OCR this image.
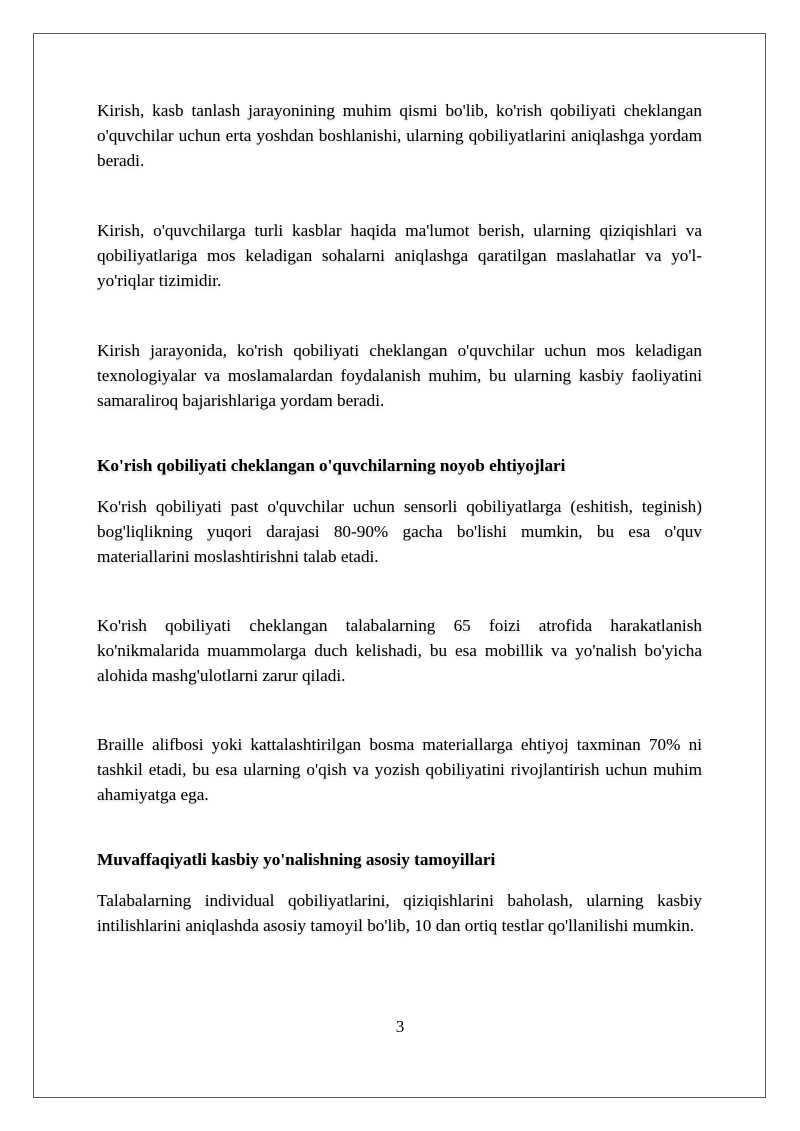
Kirish, kasb tanlash jarayonining muhim qismi bo'lib, ko'rish qobiliyati cheklangan o'quvchilar uchun erta yoshdan boshlanishi, ularning qobiliyatlarini aniqlashga yordam beradi.

Kirish, o'quvchilarga turli kasblar haqida ma'lumot berish, ularning qiziqishlari va qobiliyatlariga mos keladigan sohalarni aniqlashga qaratilgan maslahatlar va yo'l-yo'riqlar tizimidir.

Kirish jarayonida, ko'rish qobiliyati cheklangan o'quvchilar uchun mos keladigan texnologiyalar va moslamalardan foydalanish muhim, bu ularning kasbiy faoliyatini samaraliroq bajarishlariga yordam beradi.

Ko'rish qobiliyati cheklangan o'quvchilarning noyob ehtiyojlari

Ko'rish qobiliyati past o'quvchilar uchun sensorli qobiliyatlarga (eshitish, teginish) bog'liqlikning yuqori darajasi 80-90% gacha bo'lishi mumkin, bu esa o'quv materiallarini moslashtirishni talab etadi.

Ko'rish qobiliyati cheklangan talabalarning 65 foizi atrofida harakatlanish ko'nikmalarida muammolarga duch kelishadi, bu esa mobillik va yo'nalish bo'yicha alohida mashg'ulotlarni zarur qiladi.

Braille alifbosi yoki kattalashtirilgan bosma materiallarga ehtiyoj taxminan 70% ni tashkil etadi, bu esa ularning o'qish va yozish qobiliyatini rivojlantirish uchun muhim ahamiyatga ega.

Muvaffaqiyatli kasbiy yo'nalishning asosiy tamoyillari

Talabalarning individual qobiliyatlarini, qiziqishlarini baholash, ularning kasbiy intilishlarini aniqlashda asosiy tamoyil bo'lib, 10 dan ortiq testlar qo'llanilishi mumkin.

3
